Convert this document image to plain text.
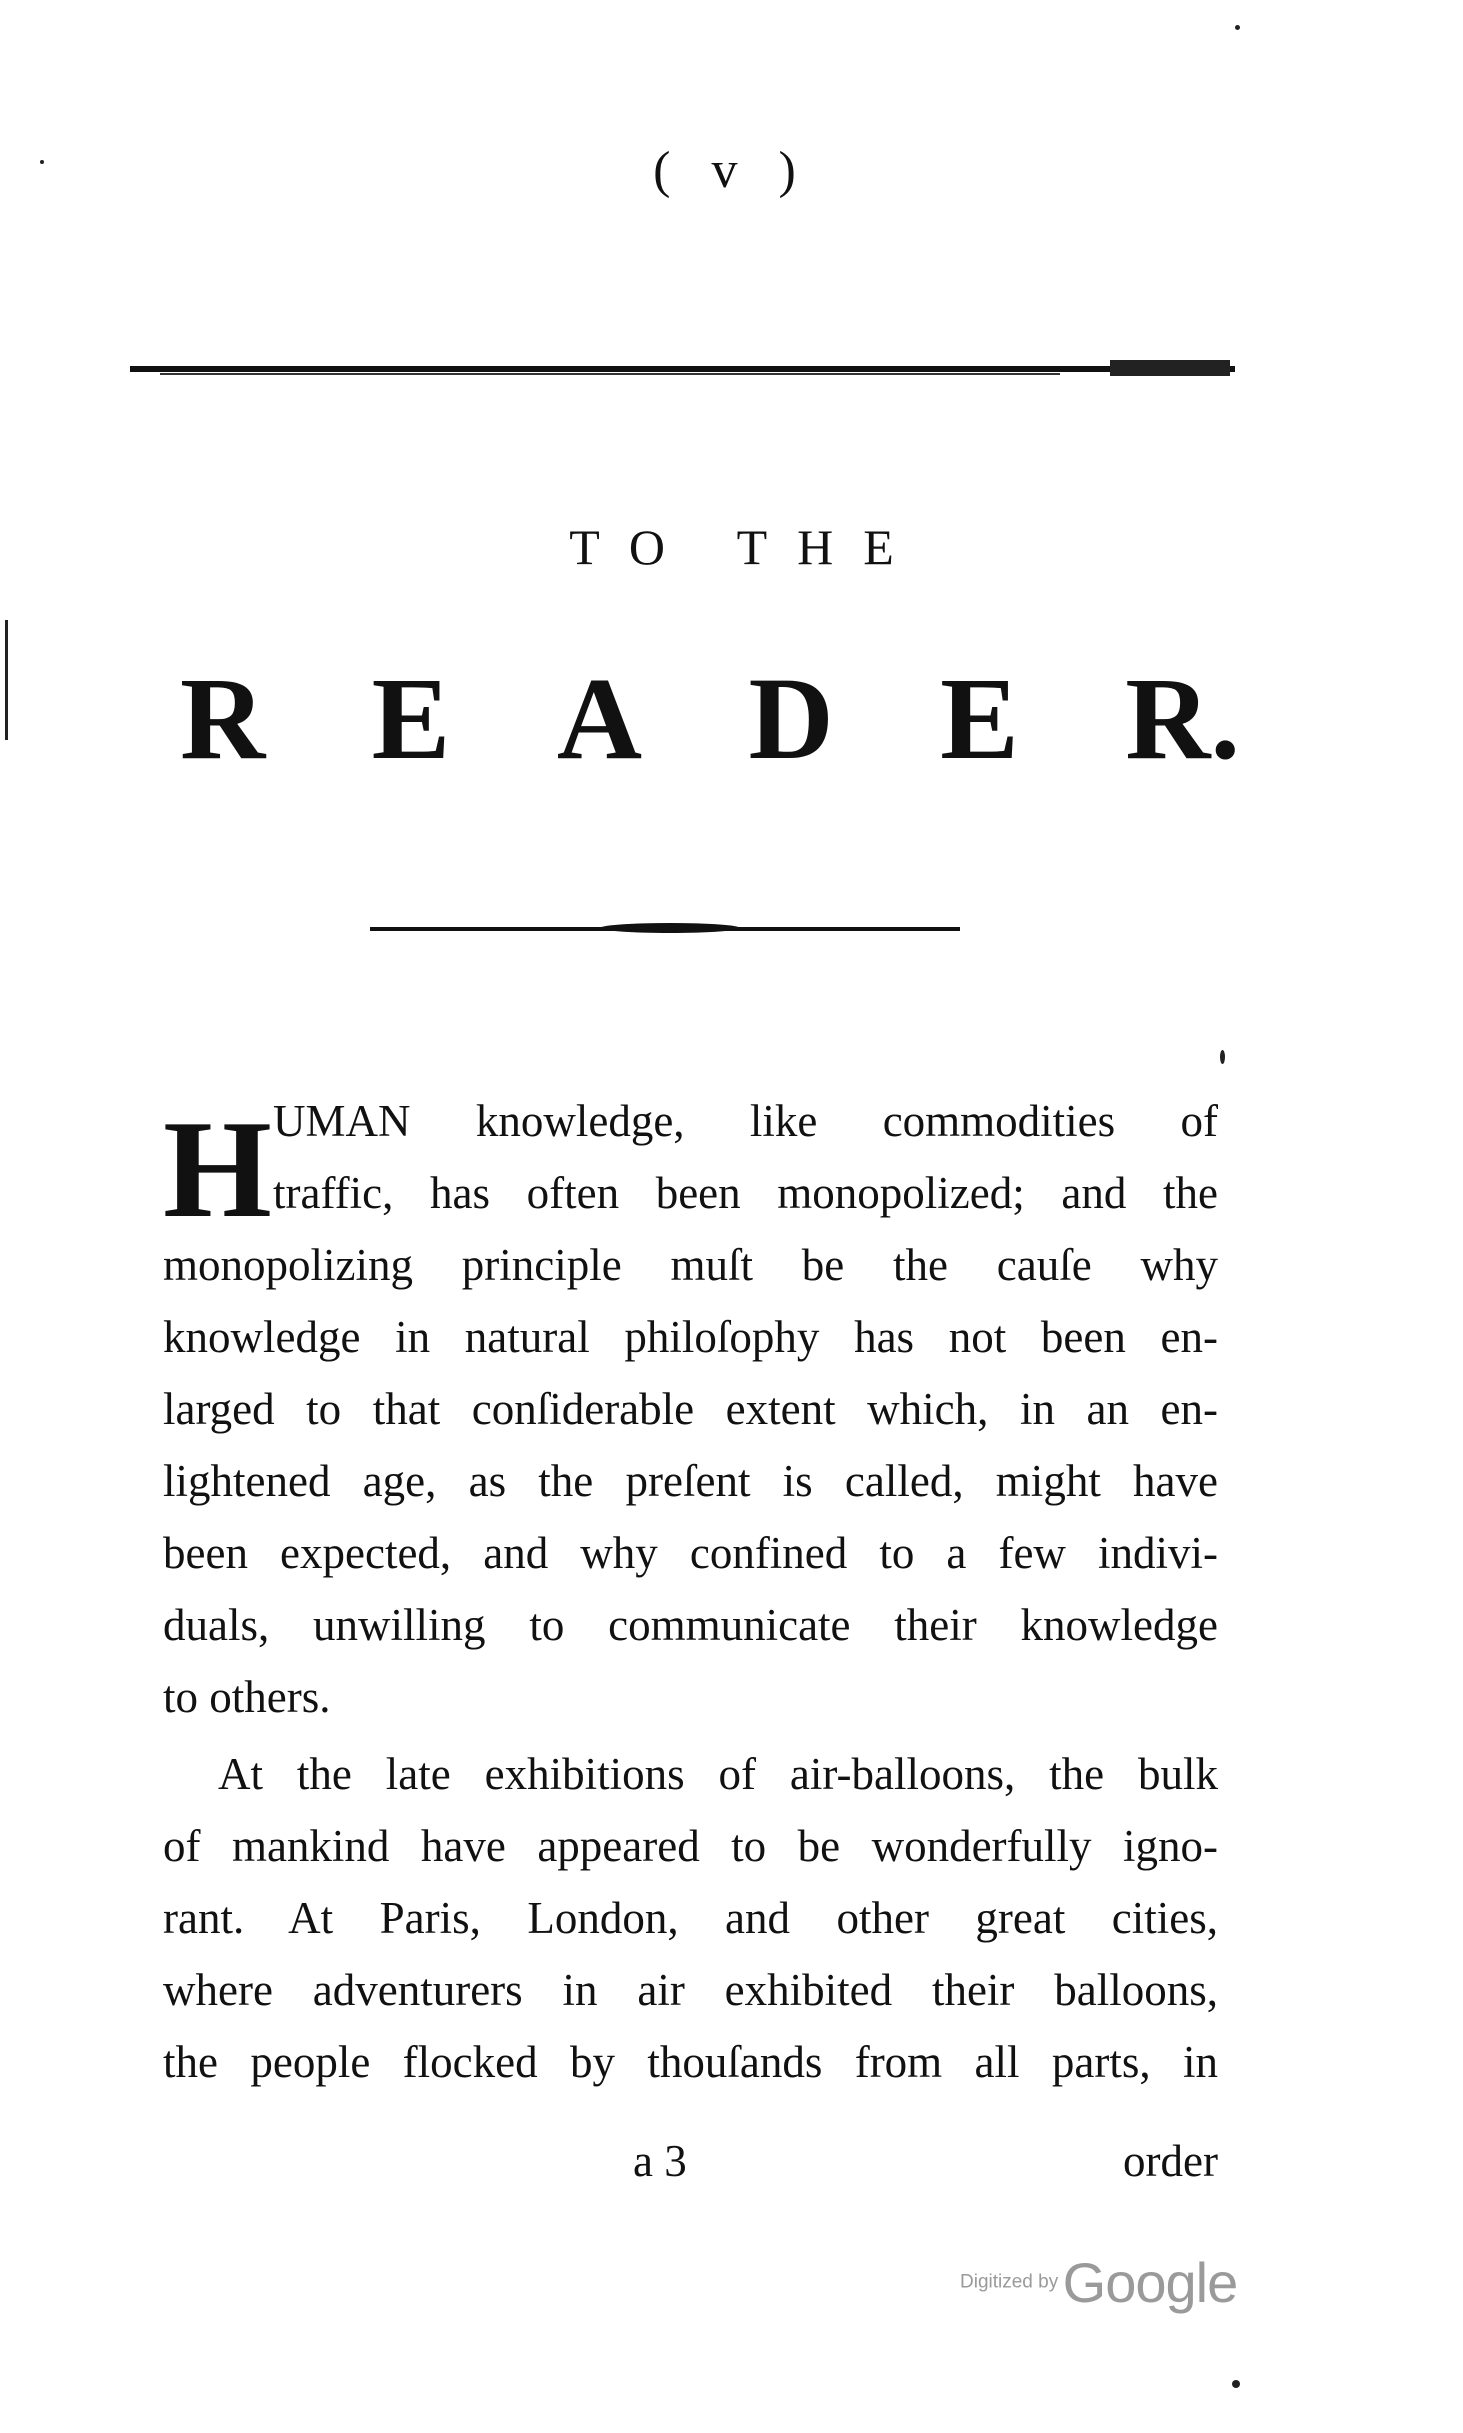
( v )
TO THE
R E A D E R.
H UMAN knowledge, like commodities of
traffic, has often been monopolized; and the
monopolizing principle muſt be the cauſe why
knowledge in natural philoſophy has not been en-
larged to that conſiderable extent which, in an en-
lightened age, as the preſent is called, might have
been expected, and why confined to a few indivi-
duals, unwilling to communicate their knowledge
to others.
At the late exhibitions of air-balloons, the bulk
of mankind have appeared to be wonderfully igno-
rant. At Paris, London, and other great cities,
where adventurers in air exhibited their balloons,
the people flocked by thouſands from all parts, in
a 3	order
Digitized by Google
